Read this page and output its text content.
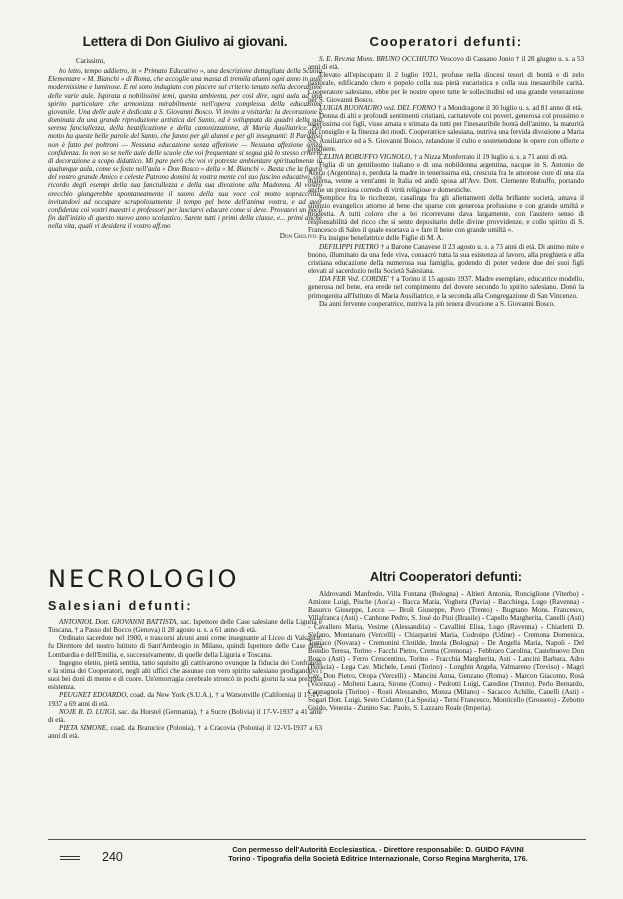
Lettera di Don Giulivo ai giovani.

Carissimi,

ho letto, tempo addietro, in « Primato Educativo », una descrizione dettagliata della Scuola Elementare « M. Bianchi » di Roma, che accoglie una massa di tremila alunni ogni anno in aule modernissime e luminose. E mi sono indugiato con piacere sul criterio tenuto nella decorazione delle varie aule. Ispirata a nobilissimi temi, questa ambienta, per così dire, ogni aula ad uno spirito particolare che armonizza mirabilmente nell'opera complessa della educazione giovanile. Una delle aule è dedicata a S. Giovanni Bosco. Vi invito a visitarla: la decorazione è dominata da una grande riproduzione artistica del Santo, ed è sviluppata da quadri della sua serena fanciullezza, della beatificazione e della canonizzazione, di Maria Ausiliatrice. Per motto ha queste belle parole del Santo, che fanno per gli alunni e per gli insegnanti: Il Paradiso non è fatto pei poltroni — Nessuna educazione senza affezione — Nessuna affezione senza confidenza. Io non so se nelle aule delle scuole che voi frequentate si segua già lo stesso criterio di decorazione a scopo didattico. Mi pare però che voi vi potreste ambientare spiritualmente in qualunque aula, come se foste nell'aula « Don Bosco » della « M. Bianchi ». Basta che la figura del vostro grande Amico e celeste Patrono domini la vostra mente col suo fascino educativo, col ricordo degli esempi della sua fanciullezza e della sua divozione alla Madonna. Al vostro orecchio giungerebbe spontaneamente il suono della sua voce col motto sopraccritto, invitandovi ad occupare scrupolosamente il tempo pel bene dell'anima vostra, e ad aver confidenza coi vostri maestri e professori per lasciarvi educare come si deve. Provatevi un poco fin dall'inizio di questo nuovo anno scolastico. Sarete tutti i primi della classe, e... primi anche nella vita, quali vi desidera il vostro aff.mo

Don Giulivo.
Cooperatori defunti:

S. E. Rev.ma Mons. BRUNO OCCHIUTO Vescovo di Cassano Jonio † il 28 giugno u. s. a 53 anni di età.

Elevato all'episcopato il 2 luglio 1921, profuse nella diocesi tesori di bontà e di zelo pastorale, edificando clero e popolo colla sua pietà eucaristica e colla sua inesauribile carità. Cooperatore salesiano, ebbe per le nostre opere tutte le sollecitudini ed una grande venerazione per S. Giovanni Bosco.

LUIGIA BUONAURO ved. DEL FORNO † a Mondragone il 30 luglio u. s. ad 81 anno di età.

Donna di alti e profondi sentimenti cristiani, caritatevole coi poveri, generosa col prossimo e tenerissima coi figli, visse amata e stimata da tutti per l'inesauribile bontà dell'animo, la maturità del consiglio e la finezza dei modi. Cooperatrice salesiana, nutriva una fervida divozione a Maria SS. Ausiliatrice ed a S. Giovanni Bosco, zelandone il culto e sostenendone le opere con offerte e preghiere.

CELINA ROBUFFO VIGNOLO, † a Nizza Monferrato il 19 luglio u. s. a 71 anni di età.

Figlia di un gentiluomo italiano e di una nobildonna argentina, nacque in S. Antonio de Areco (Argentina) e, perduta la madre in tenerissima età, crescuta fra le amorose cure di una zia materna, venne a vent'anni in Italia ed andò sposa all'Avv. Dott. Clemente Robuffo, portando anche un preziosa corredo di virtù religiose e domestiche.

Semplice fra le ricchezze, casalinga fra gli allettamenti della brillante società, amava il silenzio evangelico attorno al bene che sparse con generosa profusione e con grande umiltà e modestia. A tutti coloro che a lei ricorrevano dava largamente, con l'austero senso di responsabilità del ricco che si sente depositario delle divine provvidenze, e collo spirito di S. Francesco di Sales il quale esortava a « fare il bene con grande umiltà ».

Fu insigne benefattrice delle Figlie di M. A.

DEFILIPPI PIETRO † a Barone Canavese il 23 agosto u. s. a 73 anni di età. Di animo mite e buono, illuminato da una fede viva, consacrò tutta la sua esistenza al lavoro, alla preghiera e alla cristiana educazione della numerosa sua famiglia, godendo di poter vedere due dei suoi figli elevati al sacerdozio nella Società Salesiana.

IDA FER Ved. CORDIE' † a Torino il 15 agosto 1937. Madre esemplare, educatrice modello, generosa nel bene, era erede nel compimento del dovere secondo lo spirito salesiano. Donò la primogenita all'Istituto di Maria Ausiliatrice, e la seconda alla Congregazione di San Vincenzo.

Da anni fervente cooperatrice, nutriva la più tenera divozione a S. Giovanni Bosco.

NECROLOGIO
Salesiani defunti:

ANTONIOL Dott. GIOVANNI BATTISTA, sac. Ispettore delle Case salesiane della Liguria e Toscana, † a Passo del Bocco (Genova) il 28 agosto u. s. a 61 anno di età.

Ordinato sacerdote nel 1900, e trascorsi alcuni anni come insegnante al Liceo di Valsalice, fu Direttore del nostro Istituto di Sant'Ambrogio in Milano, quindi Ispettore delle Case della Lombardia e dell'Emilia, e, successivamente, di quelle della Liguria e Toscana.

Ingegno eletto, pietà sentita, tatto squisito gli cattivarono ovunque la fiducia dei Confratelli e la stima dei Cooperatori, negli alti uffici che assunse con vero spirito salesiano prodigandovi i suoi bei doni di mente e di cuore. Un'emorragia cerebrale stroncò in pochi giorni la sua preziosa esistenza.

PEUGNET EDOARDO, coad. da New York (S.U.A.), † a Watsonville (California) il 17-IV-1937 a 69 anni di età.

NOJE R. D. LUIGI, sac. da Horstel (Germania), † a Sucre (Bolivia) il 17-V-1937 a 41 anni di età.

PIETA SIMONE, coad. da Bratucice (Polonia), † a Cracovia (Polonia) il 12-VI-1937 a 63 anni di età.

Altri Cooperatori defunti:

Aldrovandi Manfredo, Villa Fontana (Bologna) - Altieri Antonia, Ronciglione (Viterbo) - Amione Luigi, Pische (Aos'a) - Bacca Maria, Voghera (Pavia) - Bacchiega, Lugo (Ravenna) - Basurco Giuseppe, Lecce — Broli Giuseppe, Povo (Trento) - Bugnano Mons. Francesco, Villafranca (Asti) - Canhone Pedro, S. José do Piui (Brasile) - Capello Margherita, Canelli (Asti) - Cavallero Maria, Vesime (Alessandria) - Cavallini Elisa, Lugo (Ravenna) - Chiarletti D. S'efano, Montanaro (Vercelli) - Chiarparini Maria, Codroipo (Udine) - Cremona Domenica, Tornaco (Novara) - Cremonini Clotilde, Imola (Bologna) - De Angelis Maria, Napoli - Del Bondio Teresa, Torino - Facchi Pietro, Crema (Cremona) - Febbraro Carolina, Castelnuovo Don Bosco (Asti) - Ferro Crescentino, Torino - Fracchia Margherita, Asti - Lancini Barbara, Adro (Brescia) - Lega Cav. Michele, Lesni (Torino) - Longhin Angela, Valmareno (Treviso) - Magri Cav. Don Pietro, Oropa (Vercelli) - Mancini Anna, Genzano (Roma) - Marcon Giacomo, Rosà (Vicenza) - Molteni Laura, Sirone (Como) - Pedrotti Luigi, Caredine (Trento). Perlo Bernardo, Carmagnola (Torino) - Rosti Alessandro, Monza (Milano) - Sacacco Achille, Canelli (Asti) - Sogari Dott. Luigi, Sesto Cidamo (La Spezia) - Terni Francesco, Monticello (Grosseto) - Zebotto Guido, Venezia - Zunino Sac. Paolo, S. Lazzaro Reale (Imperia).

240
Con permesso dell'Autorità Ecclesiastica. - Direttore responsabile: D. GUIDO FAVINI
Torino - Tipografia della Società Editrice Internazionale, Corso Regina Margherita, 176.
